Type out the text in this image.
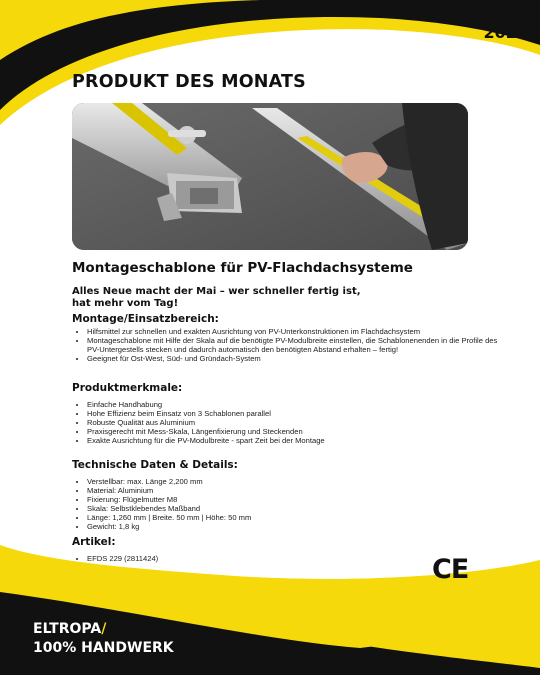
Mai
2025
PRODUKT DES MONATS
Montageschablone für PV-Flachdachsysteme

Alles Neue macht der Mai – wer schneller fertig ist,
hat mehr vom Tag!

Montage/Einsatzbereich:
• Hilfsmittel zur schnellen und exakten Ausrichtung von PV-Unterkonstruktionen im Flachdachsystem
• Montageschablone mit Hilfe der Skala auf die benötigte PV-Modulbreite einstellen, die Schablonenenden in die Profile des PV-Untergestells stecken und dadurch automatisch den benötigten Abstand erhalten – fertig!
• Geeignet für Ost-West, Süd- und Gründach-System
Produktmerkmale:
• Einfache Handhabung
• Hohe Effizienz beim Einsatz von 3 Schablonen parallel
• Robuste Qualität aus Aluminium
• Praxisgerecht mit Mess-Skala, Längenfixierung und Steckenden
• Exakte Ausrichtung für die PV-Modulbreite - spart Zeit bei der Montage
Technische Daten & Details:
• Verstellbar: max. Länge 2,200 mm
• Material: Aluminium
• Fixierung: Flügelmutter M8
• Skala: Selbstklebendes Maßband
• Länge: 1,260 mm | Breite. 50 mm | Höhe: 50 mm
• Gewicht: 1,8 kg
Artikel:
• EFDS 229 (2811424)	CE
ELTROPA/
100% HANDWERK
